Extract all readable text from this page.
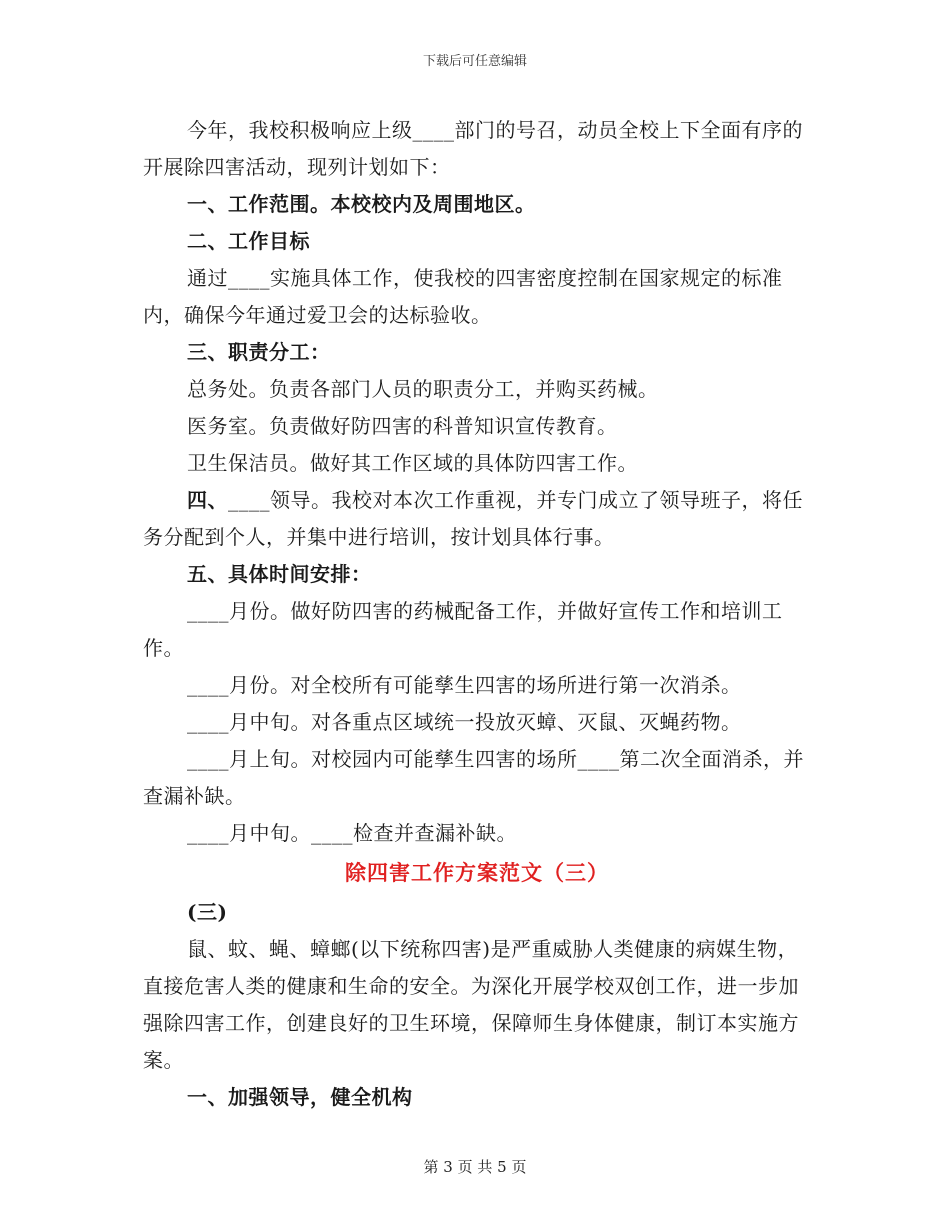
下载后可任意编辑

今年，我校积极响应上级____部门的号召，动员全校上下全面有序的开展除四害活动，现列计划如下：

一、工作范围。本校校内及周围地区。

二、工作目标

通过____实施具体工作，使我校的四害密度控制在国家规定的标准内，确保今年通过爱卫会的达标验收。

三、职责分工：

总务处。负责各部门人员的职责分工，并购买药械。

医务室。负责做好防四害的科普知识宣传教育。

卫生保洁员。做好其工作区域的具体防四害工作。

四、____领导。我校对本次工作重视，并专门成立了领导班子，将任务分配到个人，并集中进行培训，按计划具体行事。

五、具体时间安排：

____月份。做好防四害的药械配备工作，并做好宣传工作和培训工作。

____月份。对全校所有可能孳生四害的场所进行第一次消杀。

____月中旬。对各重点区域统一投放灭蟑、灭鼠、灭蝇药物。

____月上旬。对校园内可能孳生四害的场所____第二次全面消杀，并查漏补缺。

____月中旬。____检查并查漏补缺。

除四害工作方案范文（三）

(三)

鼠、蚊、蝇、蟑螂(以下统称四害)是严重威胁人类健康的病媒生物，直接危害人类的健康和生命的安全。为深化开展学校双创工作，进一步加强除四害工作，创建良好的卫生环境，保障师生身体健康，制订本实施方案。

一、加强领导，健全机构

第 3 页 共 5 页
